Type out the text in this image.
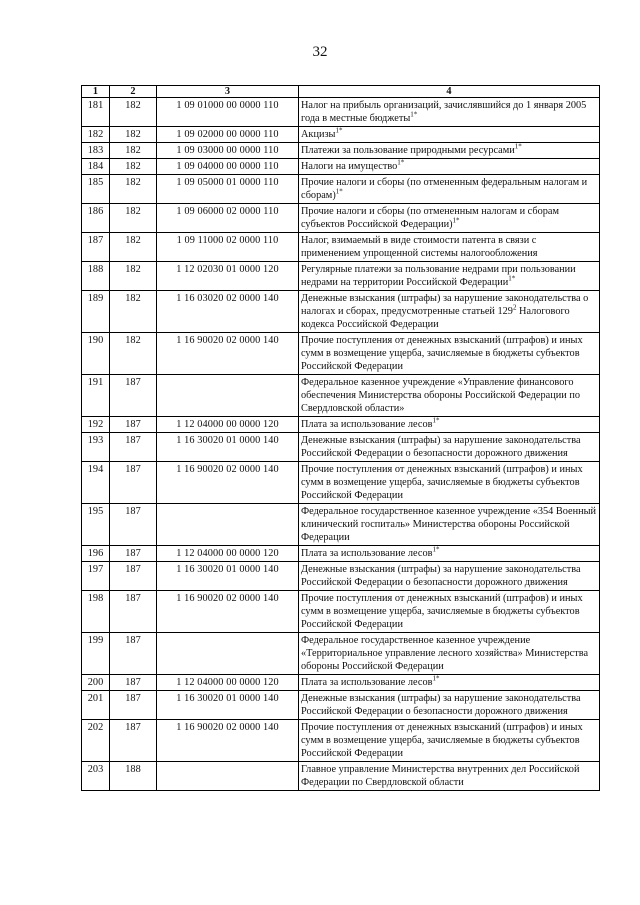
32
1	2	3	4
181	182	1 09 01000 00 0000 110	Налог на прибыль организаций, зачислявшийся до 1 января 2005 года в местные бюджеты$^{1*}$
182	182	1 09 02000 00 0000 110	Акцизы$^{1*}$
183	182	1 09 03000 00 0000 110	Платежи за пользование природными ресурсами$^{1*}$
184	182	1 09 04000 00 0000 110	Налоги на имущество$^{1*}$
185	182	1 09 05000 01 0000 110	Прочие налоги и сборы (по отмененным федеральным налогам и сборам)$^{1*}$
186	182	1 09 06000 02 0000 110	Прочие налоги и сборы (по отмененным налогам и сборам субъектов Российской Федерации)$^{1*}$
187	182	1 09 11000 02 0000 110	Налог, взимаемый в виде стоимости патента в связи с применением упрощенной системы налогообложения
188	182	1 12 02030 01 0000 120	Регулярные платежи за пользование недрами при пользовании недрами на территории Российской Федерации$^{1*}$
189	182	1 16 03020 02 0000 140	Денежные взыскания (штрафы) за нарушение законодательства о налогах и сборах, предусмотренные статьей $129^2$ Налогового кодекса Российской Федерации
190	182	1 16 90020 02 0000 140	Прочие поступления от денежных взысканий (штрафов) и иных сумм в возмещение ущерба, зачисляемые в бюджеты субъектов Российской Федерации
191	187		Федеральное казенное учреждение «Управление финансового обеспечения Министерства обороны Российской Федерации по Свердловской области»
192	187	1 12 04000 00 0000 120	Плата за использование лесов$^{1*}$
193	187	1 16 30020 01 0000 140	Денежные взыскания (штрафы) за нарушение законодательства Российской Федерации о безопасности дорожного движения
194	187	1 16 90020 02 0000 140	Прочие поступления от денежных взысканий (штрафов) и иных сумм в возмещение ущерба, зачисляемые в бюджеты субъектов Российской Федерации
195	187		Федеральное государственное казенное учреждение «354 Военный клинический госпиталь» Министерства обороны Российской Федерации
196	187	1 12 04000 00 0000 120	Плата за использование лесов$^{1*}$
197	187	1 16 30020 01 0000 140	Денежные взыскания (штрафы) за нарушение законодательства Российской Федерации о безопасности дорожного движения
198	187	1 16 90020 02 0000 140	Прочие поступления от денежных взысканий (штрафов) и иных сумм в возмещение ущерба, зачисляемые в бюджеты субъектов Российской Федерации
199	187		Федеральное государственное казенное учреждение «Территориальное управление лесного хозяйства» Министерства обороны Российской Федерации
200	187	1 12 04000 00 0000 120	Плата за использование лесов$^{1*}$
201	187	1 16 30020 01 0000 140	Денежные взыскания (штрафы) за нарушение законодательства Российской Федерации о безопасности дорожного движения
202	187	1 16 90020 02 0000 140	Прочие поступления от денежных взысканий (штрафов) и иных сумм в возмещение ущерба, зачисляемые в бюджеты субъектов Российской Федерации
203	188		Главное управление Министерства внутренних дел Российской Федерации по Свердловской области
